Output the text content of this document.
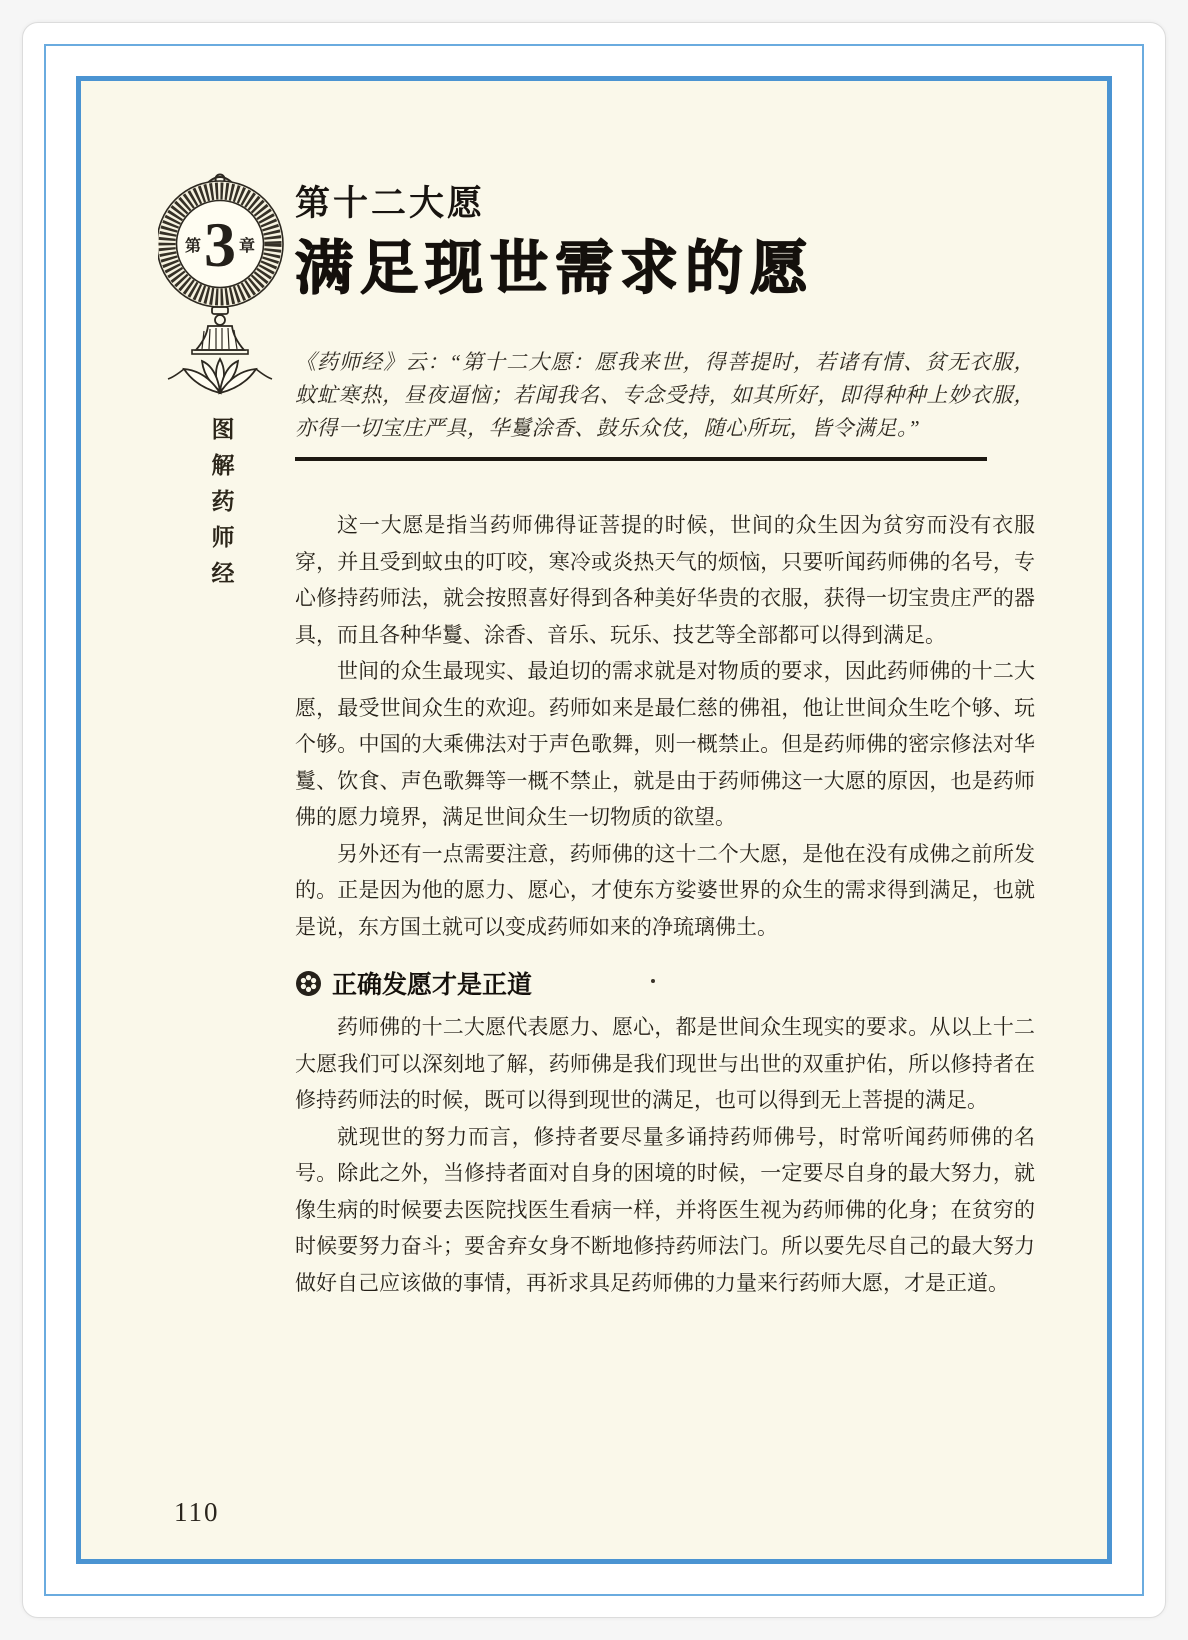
第 3 章
图解药师经
第十二大愿
满足现世需求的愿

《药师经》云：“第十二大愿：愿我来世，得菩提时，若诸有情、贫无衣服，蚊虻寒热，昼夜逼恼；若闻我名、专念受持，如其所好，即得种种上妙衣服，亦得一切宝庄严具，华鬘涂香、鼓乐众伎，随心所玩，皆令满足。”

这一大愿是指当药师佛得证菩提的时候，世间的众生因为贫穷而没有衣服穿，并且受到蚊虫的叮咬，寒冷或炎热天气的烦恼，只要听闻药师佛的名号，专心修持药师法，就会按照喜好得到各种美好华贵的衣服，获得一切宝贵庄严的器具，而且各种华鬘、涂香、音乐、玩乐、技艺等全部都可以得到满足。

世间的众生最现实、最迫切的需求就是对物质的要求，因此药师佛的十二大愿，最受世间众生的欢迎。药师如来是最仁慈的佛祖，他让世间众生吃个够、玩个够。中国的大乘佛法对于声色歌舞，则一概禁止。但是药师佛的密宗修法对华鬘、饮食、声色歌舞等一概不禁止，就是由于药师佛这一大愿的原因，也是药师佛的愿力境界，满足世间众生一切物质的欲望。

另外还有一点需要注意，药师佛的这十二个大愿，是他在没有成佛之前所发的。正是因为他的愿力、愿心，才使东方娑婆世界的众生的需求得到满足，也就是说，东方国土就可以变成药师如来的净琉璃佛土。

正确发愿才是正道

药师佛的十二大愿代表愿力、愿心，都是世间众生现实的要求。从以上十二大愿我们可以深刻地了解，药师佛是我们现世与出世的双重护佑，所以修持者在修持药师法的时候，既可以得到现世的满足，也可以得到无上菩提的满足。

就现世的努力而言，修持者要尽量多诵持药师佛号，时常听闻药师佛的名号。除此之外，当修持者面对自身的困境的时候，一定要尽自身的最大努力，就像生病的时候要去医院找医生看病一样，并将医生视为药师佛的化身；在贫穷的时候要努力奋斗；要舍弃女身不断地修持药师法门。所以要先尽自己的最大努力做好自己应该做的事情，再祈求具足药师佛的力量来行药师大愿，才是正道。

110
